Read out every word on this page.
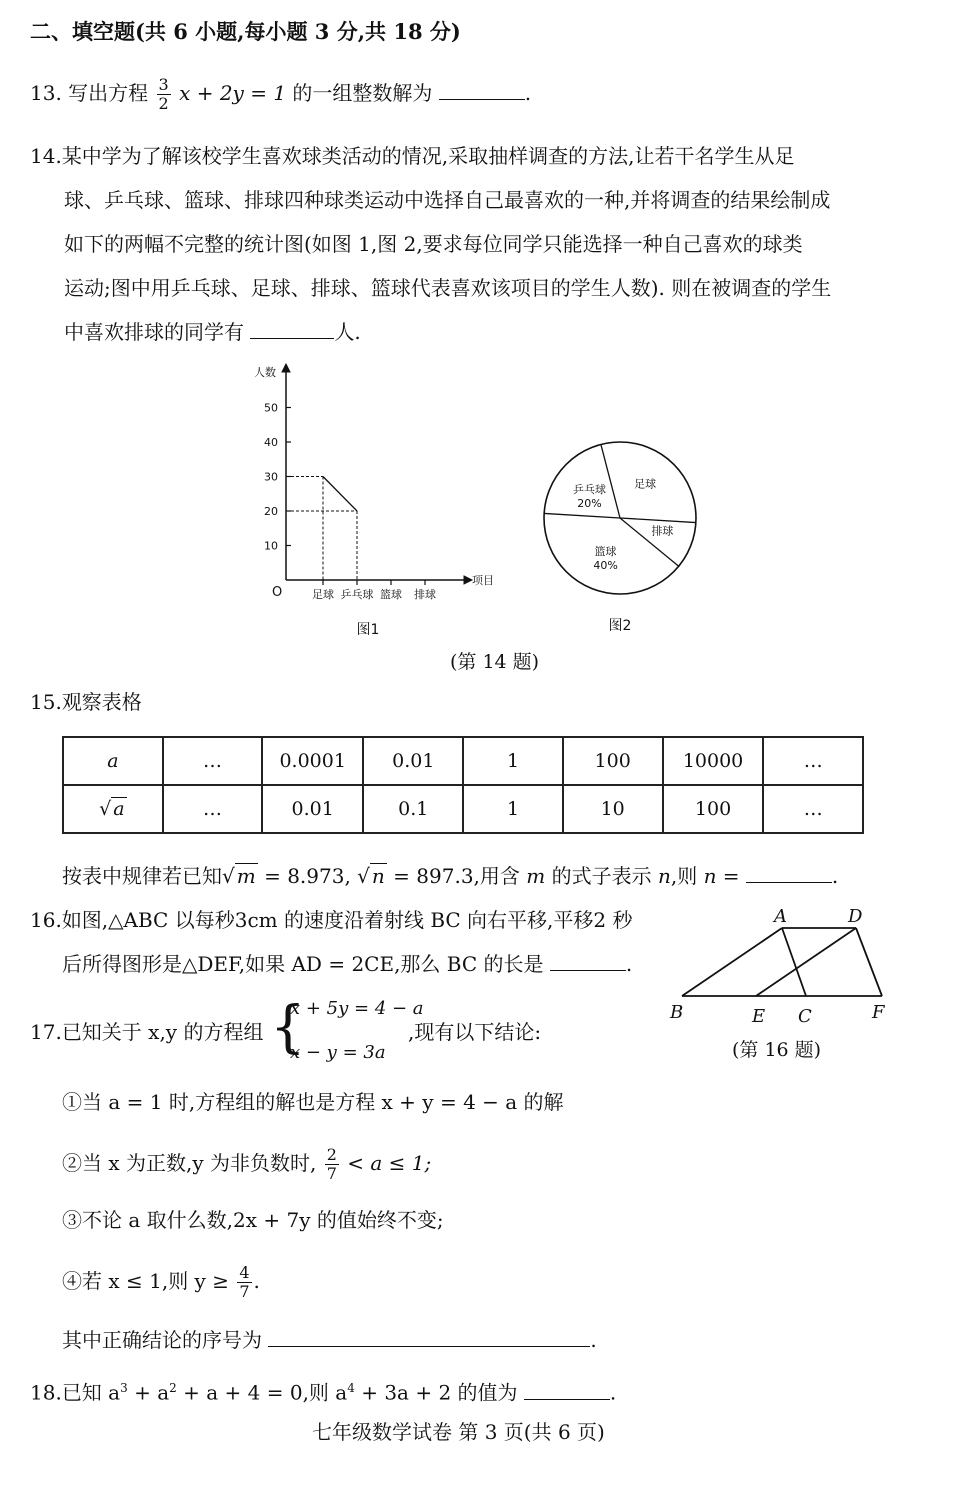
二、填空题(共 6 小题,每小题 3 分,共 18 分)
13. 写出方程 $\frac{3}{2}$ x + 2y = 1 的一组整数解为	.
14.某中学为了解该校学生喜欢球类活动的情况,采取抽样调查的方法,让若干名学生从足
球、乒乓球、篮球、排球四种球类运动中选择自己最喜欢的一种,并将调查的结果绘制成
如下的两幅不完整的统计图(如图 1,图 2,要求每位同学只能选择一种自己喜欢的球类
运动;图中用乒乓球、足球、排球、篮球代表喜欢该项目的学生人数). 则在被调查的学生
中喜欢排球的同学有	人.
人数
项目
O
10
20
30
40
50
足球 乒乓球 篮球 排球
图1
乒乓球
20%
足球
排球
篮球
40%
图2
(第 14 题)
15.观察表格
a	…	0.0001	0.01	1	100	10000	…
√ a	…	0.01	0.1	1	10	100	…
按表中规律若已知√ m = 8.973, √ n = 897.3,用含 m 的式子表示 n,则 n =	.
16.如图,△ABC 以每秒3cm 的速度沿着射线 BC 向右平移,平移2 秒
后所得图形是△DEF,如果 AD = 2CE,那么 BC 的长是	.
A	D
B	E C	F
(第 16 题)
17.已知关于 x,y 的方程组 {
x + 5y = 4 − a
x − y = 3a
,现有以下结论:
①当 a = 1 时,方程组的解也是方程 x + y = 4 − a 的解
②当 x 为正数,y 为非负数时, $\frac{2}{7} < a \le 1$;
③不论 a 取什么数,2x + 7y 的值始终不变;
④若 x ≤ 1,则 $y \ge \frac{4}{7}$ .
其中正确结论的序号为	.
18.已知 $a^3 + a^2 + a + 4 = 0$,则 $a^4 + 3a + 2$ 的值为	.
七年级数学试卷 第 3 页(共 6 页)
